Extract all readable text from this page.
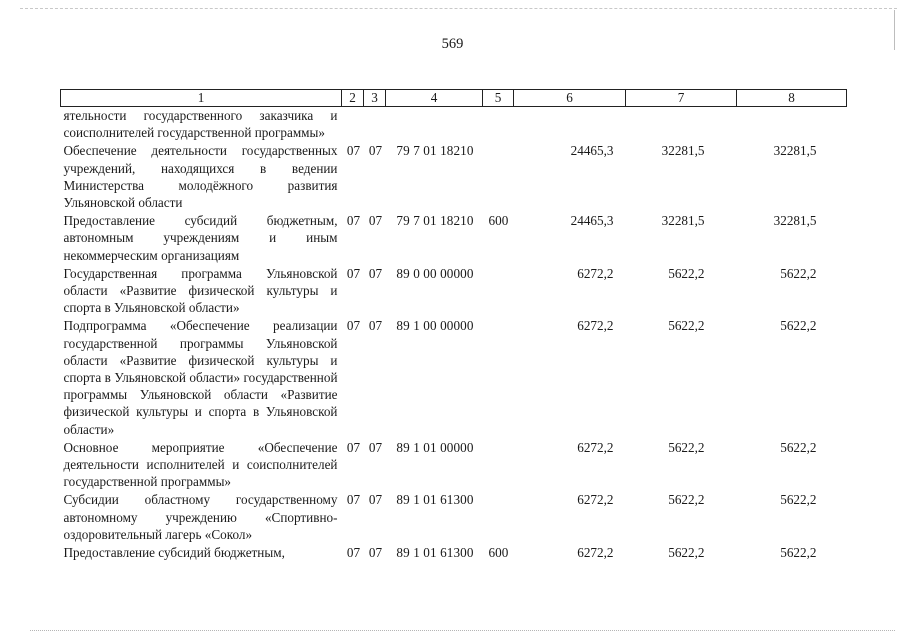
569
1	2	3	4	5	6	7	8
ятельности государственного заказчика и соисполнителей государственной программы»							
Обеспечение деятельности государственных учреждений, находящихся в ведении Министерства молодёжного развития Ульяновской области	07	07	79 7 01 18210		24465,3	32281,5	32281,5
Предоставление субсидий бюджетным, автономным учреждениям и иным некоммерческим организациям	07	07	79 7 01 18210	600	24465,3	32281,5	32281,5
Государственная программа Ульяновской области «Развитие физической культуры и спорта в Ульяновской области»	07	07	89 0 00 00000		6272,2	5622,2	5622,2
Подпрограмма «Обеспечение реализации государственной программы Ульяновской области «Развитие физической культуры и спорта в Ульяновской области» государственной программы Ульяновской области «Развитие физической культуры и спорта в Ульяновской области»	07	07	89 1 00 00000		6272,2	5622,2	5622,2
Основное мероприятие «Обеспечение деятельности исполнителей и соисполнителей государственной программы»	07	07	89 1 01 00000		6272,2	5622,2	5622,2
Субсидии областному государственному автономному учреждению «Спортивно-оздоровительный лагерь «Сокол»	07	07	89 1 01 61300		6272,2	5622,2	5622,2
Предоставление субсидий бюджетным,	07	07	89 1 01 61300	600	6272,2	5622,2	5622,2
